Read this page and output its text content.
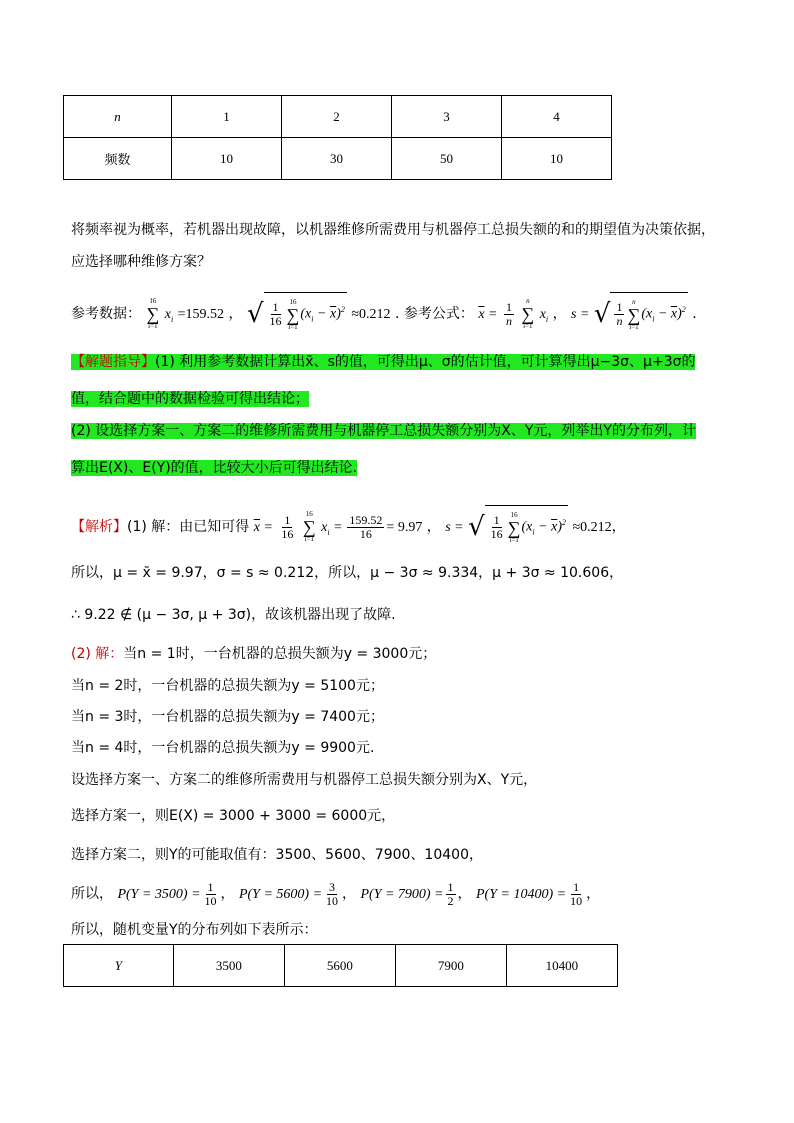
n	1	2	3	4
频数	10	30	50	10
将频率视为概率，若机器出现故障，以机器维修所需费用与机器停工总损失额的和的期望值为决策依据，
应选择哪种维修方案？
参考数据：
16
∑
i=1
$x_i =159.52$ ， √ $\frac{1}{16} 16$
∑
i=1
$(x_i - \overline{x})^2 \approx 0.212$ . 参考公式： $\overline{x} = \frac{1}{n}$
n
∑
i=1
$x_i$ ， s = √ $\frac{1}{n}$ n
∑
i=1
$(x_i - \overline{x})^2$ .
【解题指导】(1) 利用参考数据计算出x̄、s的值，可得出μ、σ的估计值，可计算得出μ−3σ、μ+3σ的
值，结合题中的数据检验可得出结论；
(2) 设选择方案一、方案二的维修所需费用与机器停工总损失额分别为X、Y元，列举出Y的分布列，计
算出E(X)、E(Y)的值，比较大小后可得出结论.
【解析】(1) 解：由已知可得 $\overline{x} = \frac{1}{16}$
16
∑
i=1
$x_i = \frac{159.52}{16} = 9.97$ ， s = √ $\frac{1}{16} 16$
∑
i=1
$(x_i - \overline{x})^2 \approx 0.212$，
所以，μ = x̄ = 9.97，σ = s ≈ 0.212，所以，μ − 3σ ≈ 9.334，μ + 3σ ≈ 10.606，
∴ 9.22 ∉ (μ − 3σ, μ + 3σ)，故该机器出现了故障.
(2) 解：当n = 1时，一台机器的总损失额为y = 3000元；
当n = 2时，一台机器的总损失额为y = 5100元；
当n = 3时，一台机器的总损失额为y = 7400元；
当n = 4时，一台机器的总损失额为y = 9900元.
设选择方案一、方案二的维修所需费用与机器停工总损失额分别为X、Y元，
选择方案一，则E(X) = 3000 + 3000 = 6000元，
选择方案二，则Y的可能取值有：3500、5600、7900、10400，
所以， $P(Y = 3500) = \frac{1}{10}$ ， $P(Y = 5600) = \frac{3}{10}$ ， $P(Y = 7900) = \frac{1}{2}$ ， $P(Y = 10400) = \frac{1}{10}$ ，
所以，随机变量Y的分布列如下表所示：
Y	3500	5600	7900	10400
